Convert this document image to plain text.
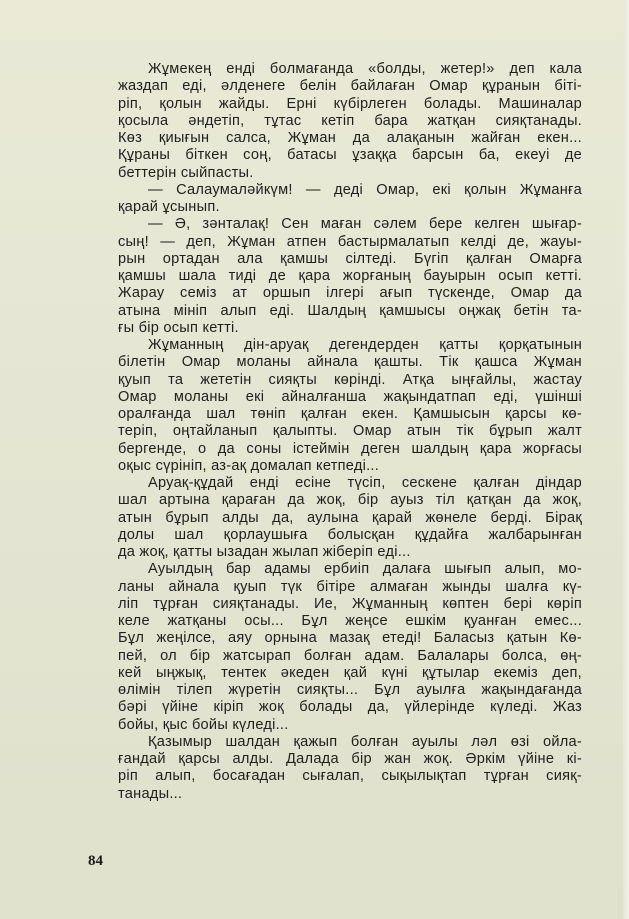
Жұмекең енді болмағанда «болды, жетер!» деп кала
жаздап еді, әлденеге белін байлаған Омар құранын біті-
ріп, қолын жайды. Ерні күбірлеген болады. Машиналар
қосыла әндетіп, тұтас кетіп бара жатқан сияқтанады.
Көз қиығын салса, Жұман да алақанын жайған екен...
Құраны біткен соң, батасы ұзаққа барсын ба, екеуі де
беттерін сыйпасты.
— Салаумалəйкүм! — деді Омар, екі қолын Жұманға
қарай ұсынып.
— Ə, зәнталақ! Сен маған сәлем бере келген шығар-
сың! — деп, Жұман атпен бастырмалатып келді де, жауы-
рын ортадан ала қамшы сілтеді. Бүгіп қалған Омарға
қамшы шала тиді де қара жорғаның бауырын осып кетті.
Жарау семіз ат оршып ілгері ағып түскенде, Омар да
атына мініп алып еді. Шалдың қамшысы оңжақ бетін та-
ғы бір осып кетті.
Жұманның дін-аруақ дегендерден қатты қорқатынын
білетін Омар моланы айнала қашты. Тік қашса Жұман
қуып та жететін сияқты көрінді. Атқа ыңғайлы, жастау
Омар моланы екі айналғанша жақындатпап еді, үшінші
оралғанда шал төніп қалған екен. Қамшысын қарсы кө-
теріп, оңтайланып қалыпты. Омар атын тік бұрып жалт
бергенде, о да соны істеймін деген шалдың қара жорғасы
оқыс сүрініп, аз-ақ домалап кетпеді...
Аруақ-құдай енді есіне түсіп, сескене қалған діндар
шал артына қараған да жоқ, бір ауыз тіл қатқан да жоқ,
атын бұрып алды да, аулына қарай жөнеле берді. Бірақ
долы шал қорлаушыға болысқан құдайға жалбарынған
да жоқ, қатты ызадан жылап жіберіп еді...
Ауылдың бар адамы ербиіп далаға шығып алып, мо-
ланы айнала қуып түк бітіре алмаған жынды шалға кү-
ліп тұрған сияқтанады. Ие, Жұманның көптен бері көріп
келе жатқаны осы... Бұл жеңсе ешкім қуанған емес...
Бұл жеңілсе, аяу орнына мазақ етеді! Баласыз қатын Кө-
пей, ол бір жатсырап болған адам. Балалары болса, өң-
кей ыңжық, тентек әкеден қай күні құтылар екеміз деп,
өлімін тілеп жүретін сияқты... Бұл ауылға жақындағанда
бәрі үйіне кіріп жоқ болады да, үйлерінде күледі. Жаз
бойы, қыс бойы күледі...
Қазымыр шалдан қажып болған ауылы ләл өзі ойла-
ғандай қарсы алды. Далада бір жан жоқ. Əркім үйіне кі-
ріп алып, босағадан сығалап, сықылықтап тұрған сияқ-
танады...
84
